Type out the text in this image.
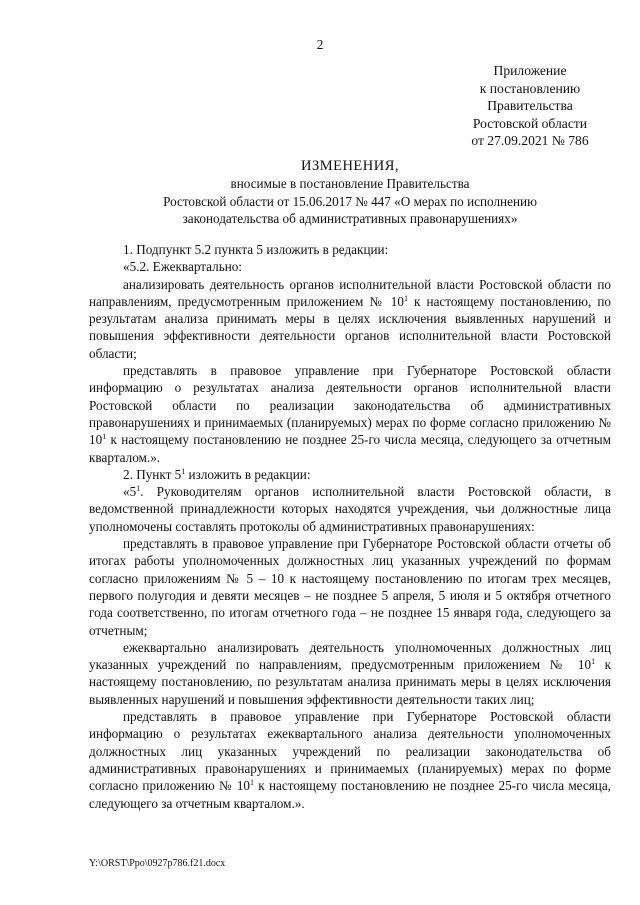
2
Приложение
к постановлению
Правительства
Ростовской области
от 27.09.2021 № 786
ИЗМЕНЕНИЯ,
вносимые в постановление Правительства
Ростовской области от 15.06.2017 № 447 «О мерах по исполнению
законодательства об административных правонарушениях»

1. Подпункт 5.2 пункта 5 изложить в редакции:

«5.2. Ежеквартально:

анализировать деятельность органов исполнительной власти Ростовской области по направлениям, предусмотренным приложением № $10^1$ к настоящему постановлению, по результатам анализа принимать меры в целях исключения выявленных нарушений и повышения эффективности деятельности органов исполнительной власти Ростовской области;

представлять в правовое управление при Губернаторе Ростовской области информацию о результатах анализа деятельности органов исполнительной власти Ростовской области по реализации законодательства об административных правонарушениях и принимаемых (планируемых) мерах по форме согласно приложению № $10^1$ к настоящему постановлению не позднее 25-го числа месяца, следующего за отчетным кварталом.».

2. Пункт $5^1$ изложить в редакции:

«$5^1$. Руководителям органов исполнительной власти Ростовской области, в ведомственной принадлежности которых находятся учреждения, чьи должностные лица уполномочены составлять протоколы об административных правонарушениях:

представлять в правовое управление при Губернаторе Ростовской области отчеты об итогах работы уполномоченных должностных лиц указанных учреждений по формам согласно приложениям № 5 – 10 к настоящему постановлению по итогам трех месяцев, первого полугодия и девяти месяцев – не позднее 5 апреля, 5 июля и 5 октября отчетного года соответственно, по итогам отчетного года – не позднее 15 января года, следующего за отчетным;

ежеквартально анализировать деятельность уполномоченных должностных лиц указанных учреждений по направлениям, предусмотренным приложением № $10^1$ к настоящему постановлению, по результатам анализа принимать меры в целях исключения выявленных нарушений и повышения эффективности деятельности таких лиц;

представлять в правовое управление при Губернаторе Ростовской области информацию о результатах ежеквартального анализа деятельности уполномоченных должностных лиц указанных учреждений по реализации законодательства об административных правонарушениях и принимаемых (планируемых) мерах по форме согласно приложению № $10^1$ к настоящему постановлению не позднее 25-го числа месяца, следующего за отчетным кварталом.».

Y:\ORST\Ppo\0927p786.f21.docx
